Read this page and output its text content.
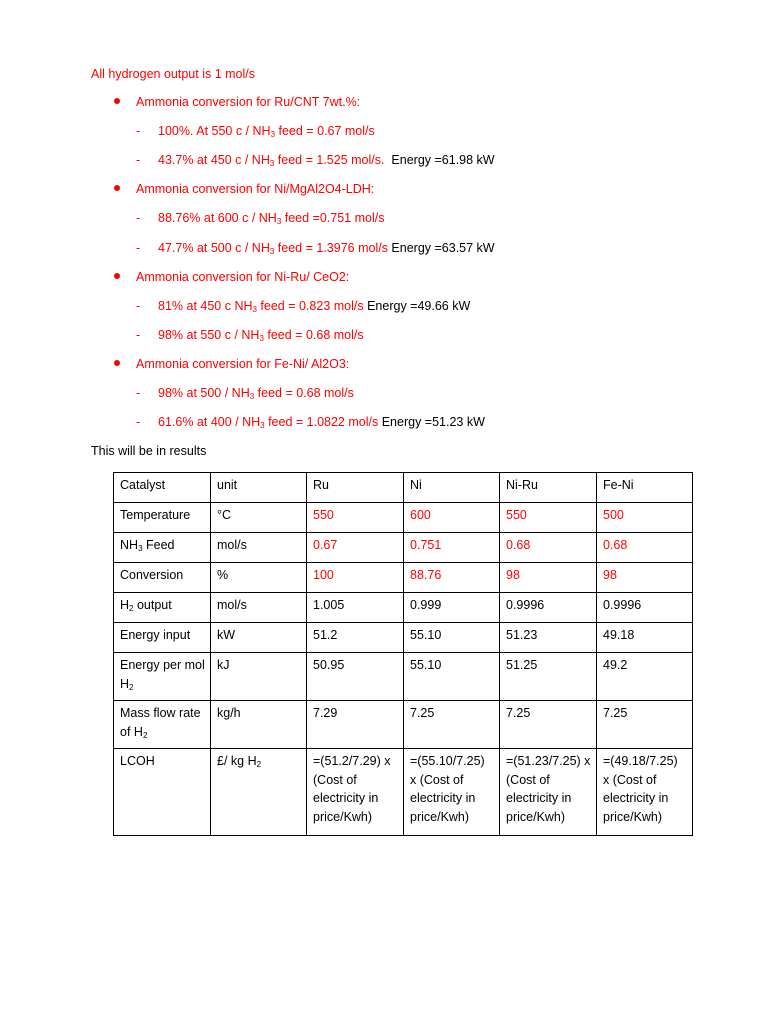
All hydrogen output is 1 mol/s
Ammonia conversion for Ru/CNT 7wt.%:
- 100%. At 550 c / $NH_3$ feed = 0.67 mol/s
- 43.7% at 450 c / $NH_3$ feed = 1.525 mol/s.  Energy =61.98 kW
Ammonia conversion for Ni/MgAl2O4-LDH:
- 88.76% at 600 c / $NH_3$ feed =0.751 mol/s
- 47.7% at 500 c / $NH_3$ feed = 1.3976 mol/s Energy =63.57 kW
Ammonia conversion for Ni-Ru/ CeO2:
- 81% at 450 c $NH_3$ feed = 0.823 mol/s Energy =49.66 kW
- 98% at 550 c / $NH_3$ feed = 0.68 mol/s
Ammonia conversion for Fe-Ni/ Al2O3:
- 98% at $500 / NH_3$ feed = 0.68 mol/s
- 61.6% at $400 / NH_3$ feed = 1.0822 mol/s Energy =51.23 kW
This will be in results
Catalyst	unit	Ru	Ni	Ni-Ru	Fe-Ni
Temperature	°C	550	600	550	500
$NH_3$ Feed	mol/s	0.67	0.751	0.68	0.68
Conversion	%	100	88.76	98	98
$H_2$ output	mol/s	1.005	0.999	0.9996	0.9996
Energy input	kW	51.2	55.10	51.23	49.18
Energy per mol $H_2$	kJ	50.95	55.10	51.25	49.2
Mass flow rate of $H_2$	kg/h	7.29	7.25	7.25	7.25
LCOH	£/ kg $H_2$	=(51.2/7.29) x (Cost of electricity in price/Kwh)	=(55.10/7.25) x (Cost of electricity in price/Kwh)	=(51.23/7.25) x (Cost of electricity in price/Kwh)	=(49.18/7.25) x (Cost of electricity in price/Kwh)
